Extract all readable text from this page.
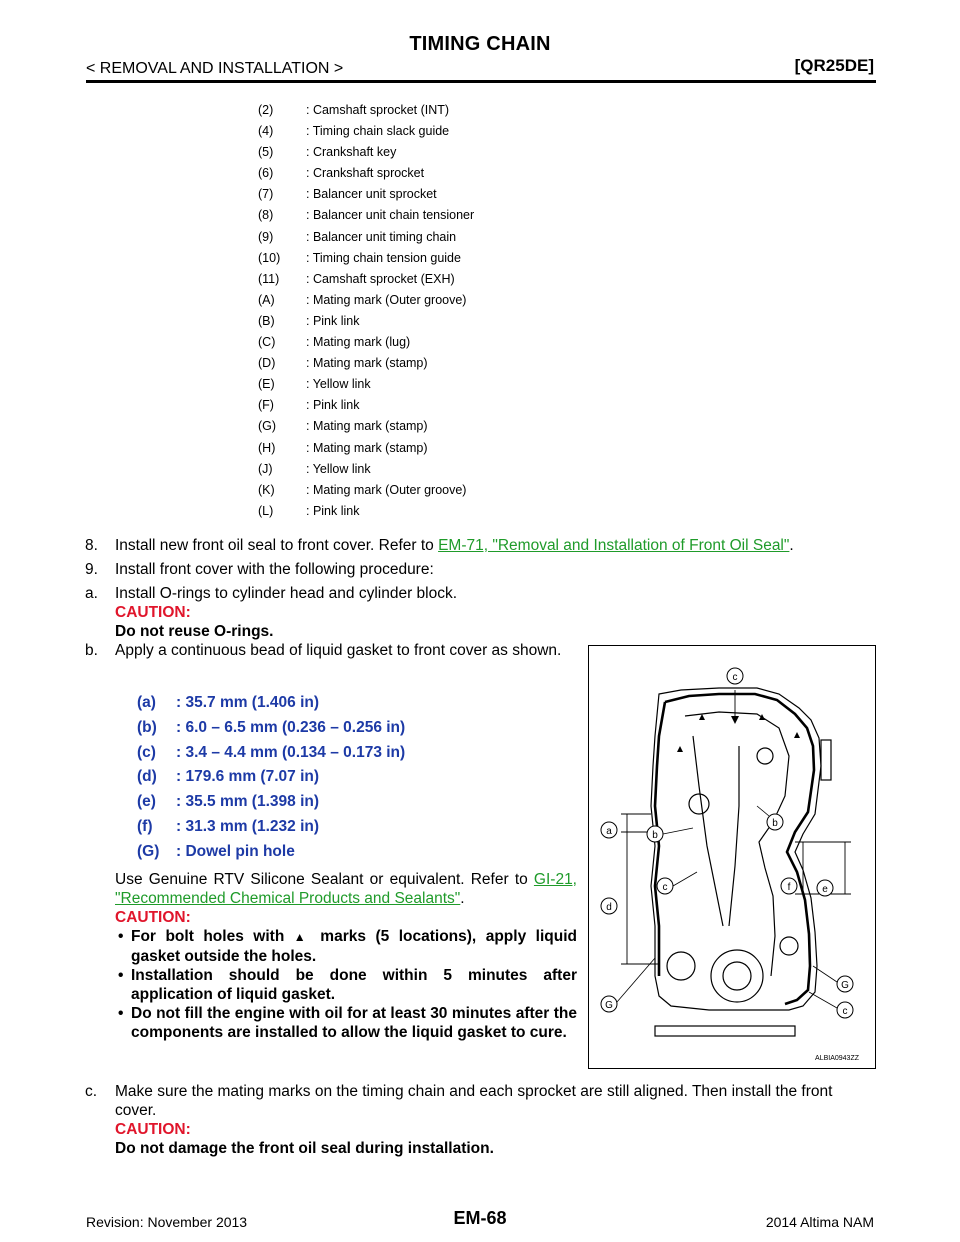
TIMING CHAIN
< REMOVAL AND INSTALLATION >	[QR25DE]
(2)	: Camshaft sprocket (INT)
(4)	: Timing chain slack guide
(5)	: Crankshaft key
(6)	: Crankshaft sprocket
(7)	: Balancer unit sprocket
(8)	: Balancer unit chain tensioner
(9)	: Balancer unit timing chain
(10)	: Timing chain tension guide
(11)	: Camshaft sprocket (EXH)
(A)	: Mating mark (Outer groove)
(B)	: Pink link
(C)	: Mating mark (lug)
(D)	: Mating mark (stamp)
(E)	: Yellow link
(F)	: Pink link
(G)	: Mating mark (stamp)
(H)	: Mating mark (stamp)
(J)	: Yellow link
(K)	: Mating mark (Outer groove)
(L)	: Pink link
8. Install new front oil seal to front cover. Refer to EM-71, "Removal and Installation of Front Oil Seal".
9. Install front cover with the following procedure:
a. Install O-rings to cylinder head and cylinder block.
CAUTION:
Do not reuse O-rings.
b.	Apply a continuous bead of liquid gasket to front cover as shown.
(a)	: 35.7 mm (1.406 in)
(b)	: 6.0 – 6.5 mm (0.236 – 0.256 in)
(c)	: 3.4 – 4.4 mm (0.134 – 0.173 in)
(d)	: 179.6 mm (7.07 in)
(e)	: 35.5 mm (1.398 in)
(f)	: 31.3 mm (1.232 in)
(G)	: Dowel pin hole
Use Genuine RTV Silicone Sealant or equivalent. Refer to GI-21, "Recommended Chemical Products and Sealants".
CAUTION:
• For bolt holes with ▲ marks (5 locations), apply liquid gasket outside the holes.
• Installation should be done within 5 minutes after application of liquid gasket.
• Do not fill the engine with oil for at least 30 minutes after the components are installed to allow the liquid gasket to cure.
c
a	b
b
c
d
f	e
G
c
G
ALBIA0943ZZ
c.	Make sure the mating marks on the timing chain and each sprocket are still aligned. Then install the front cover.
CAUTION:
Do not damage the front oil seal during installation.
Revision: November 2013	EM-68	2014 Altima NAM
